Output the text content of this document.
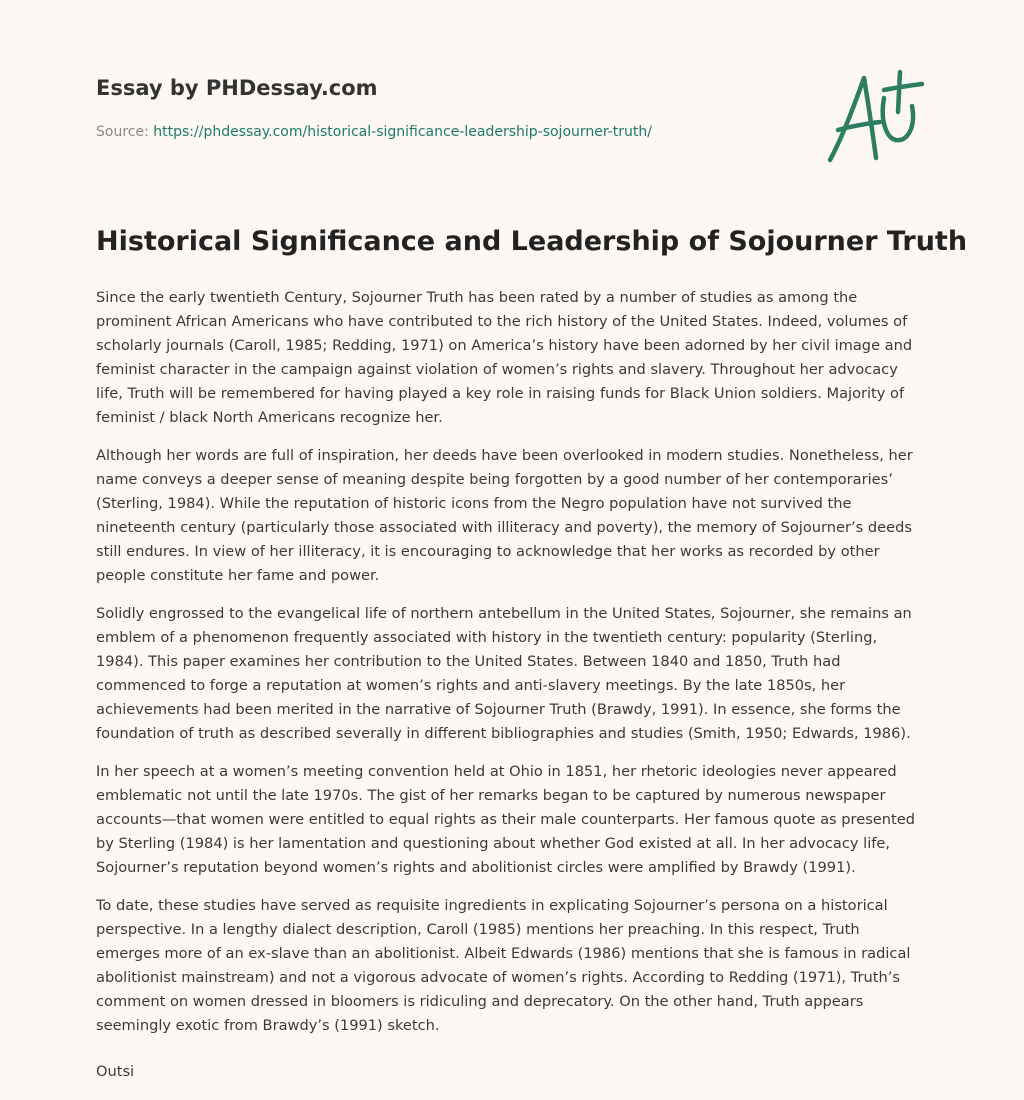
Essay by PHDessay.com
Source: https://phdessay.com/historical-significance-leadership-sojourner-truth/
Historical Significance and Leadership of Sojourner Truth

Since the early twentieth Century, Sojourner Truth has been rated by a number of studies as among the prominent African Americans who have contributed to the rich history of the United States. Indeed, volumes of scholarly journals (Caroll, 1985; Redding, 1971) on America’s history have been adorned by her civil image and feminist character in the campaign against violation of women’s rights and slavery. Throughout her advocacy life, Truth will be remembered for having played a key role in raising funds for Black Union soldiers. Majority of feminist / black North Americans recognize her.

Although her words are full of inspiration, her deeds have been overlooked in modern studies. Nonetheless, her name conveys a deeper sense of meaning despite being forgotten by a good number of her contemporaries’ (Sterling, 1984). While the reputation of historic icons from the Negro population have not survived the nineteenth century (particularly those associated with illiteracy and poverty), the memory of Sojourner’s deeds still endures. In view of her illiteracy, it is encouraging to acknowledge that her works as recorded by other people constitute her fame and power.

Solidly engrossed to the evangelical life of northern antebellum in the United States, Sojourner, she remains an emblem of a phenomenon frequently associated with history in the twentieth century: popularity (Sterling, 1984). This paper examines her contribution to the United States. Between 1840 and 1850, Truth had commenced to forge a reputation at women’s rights and anti-slavery meetings. By the late 1850s, her achievements had been merited in the narrative of Sojourner Truth (Brawdy, 1991). In essence, she forms the foundation of truth as described severally in different bibliographies and studies (Smith, 1950; Edwards, 1986).

In her speech at a women’s meeting convention held at Ohio in 1851, her rhetoric ideologies never appeared emblematic not until the late 1970s. The gist of her remarks began to be captured by numerous newspaper accounts—that women were entitled to equal rights as their male counterparts. Her famous quote as presented by Sterling (1984) is her lamentation and questioning about whether God existed at all. In her advocacy life, Sojourner’s reputation beyond women’s rights and abolitionist circles were amplified by Brawdy (1991).

To date, these studies have served as requisite ingredients in explicating Sojourner’s persona on a historical perspective. In a lengthy dialect description, Caroll (1985) mentions her preaching. In this respect, Truth emerges more of an ex-slave than an abolitionist. Albeit Edwards (1986) mentions that she is famous in radical abolitionist mainstream) and not a vigorous advocate of women’s rights. According to Redding (1971), Truth’s comment on women dressed in bloomers is ridiculing and deprecatory. On the other hand, Truth appears seemingly exotic from Brawdy’s (1991) sketch.

Outsi
